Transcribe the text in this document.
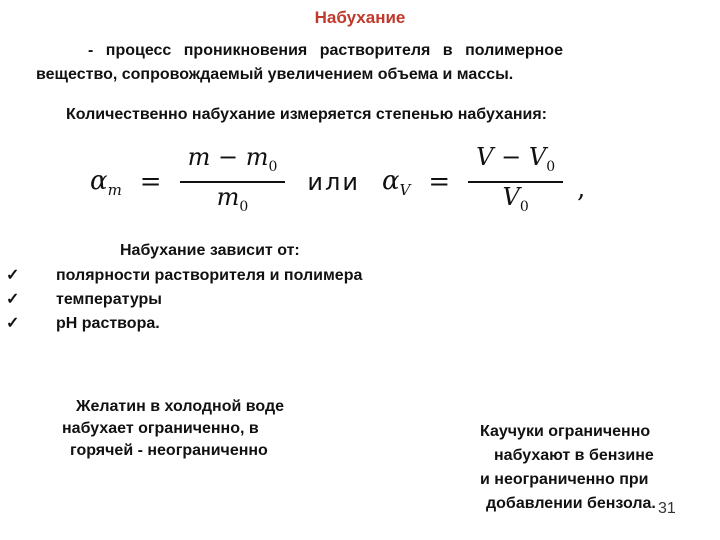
Набухание
- процесс проникновения растворителя в полимерное
вещество, сопровождаемый увеличением объема и массы.
Количественно набухание измеряется степенью набухания:
$\alpha_m = \frac{m - m_0}{m_0}$ или $\alpha_V = \frac{V - V_0}{V_0}$ ,
Набухание зависит от:
✓ полярности растворителя и полимера
✓ температуры
✓ pH раствора.
Желатин в холодной воде
набухает ограниченно, в
горячей - неограниченно
Каучуки ограниченно
набухают в бензине
и неограниченно при
добавлении бензола. 31
